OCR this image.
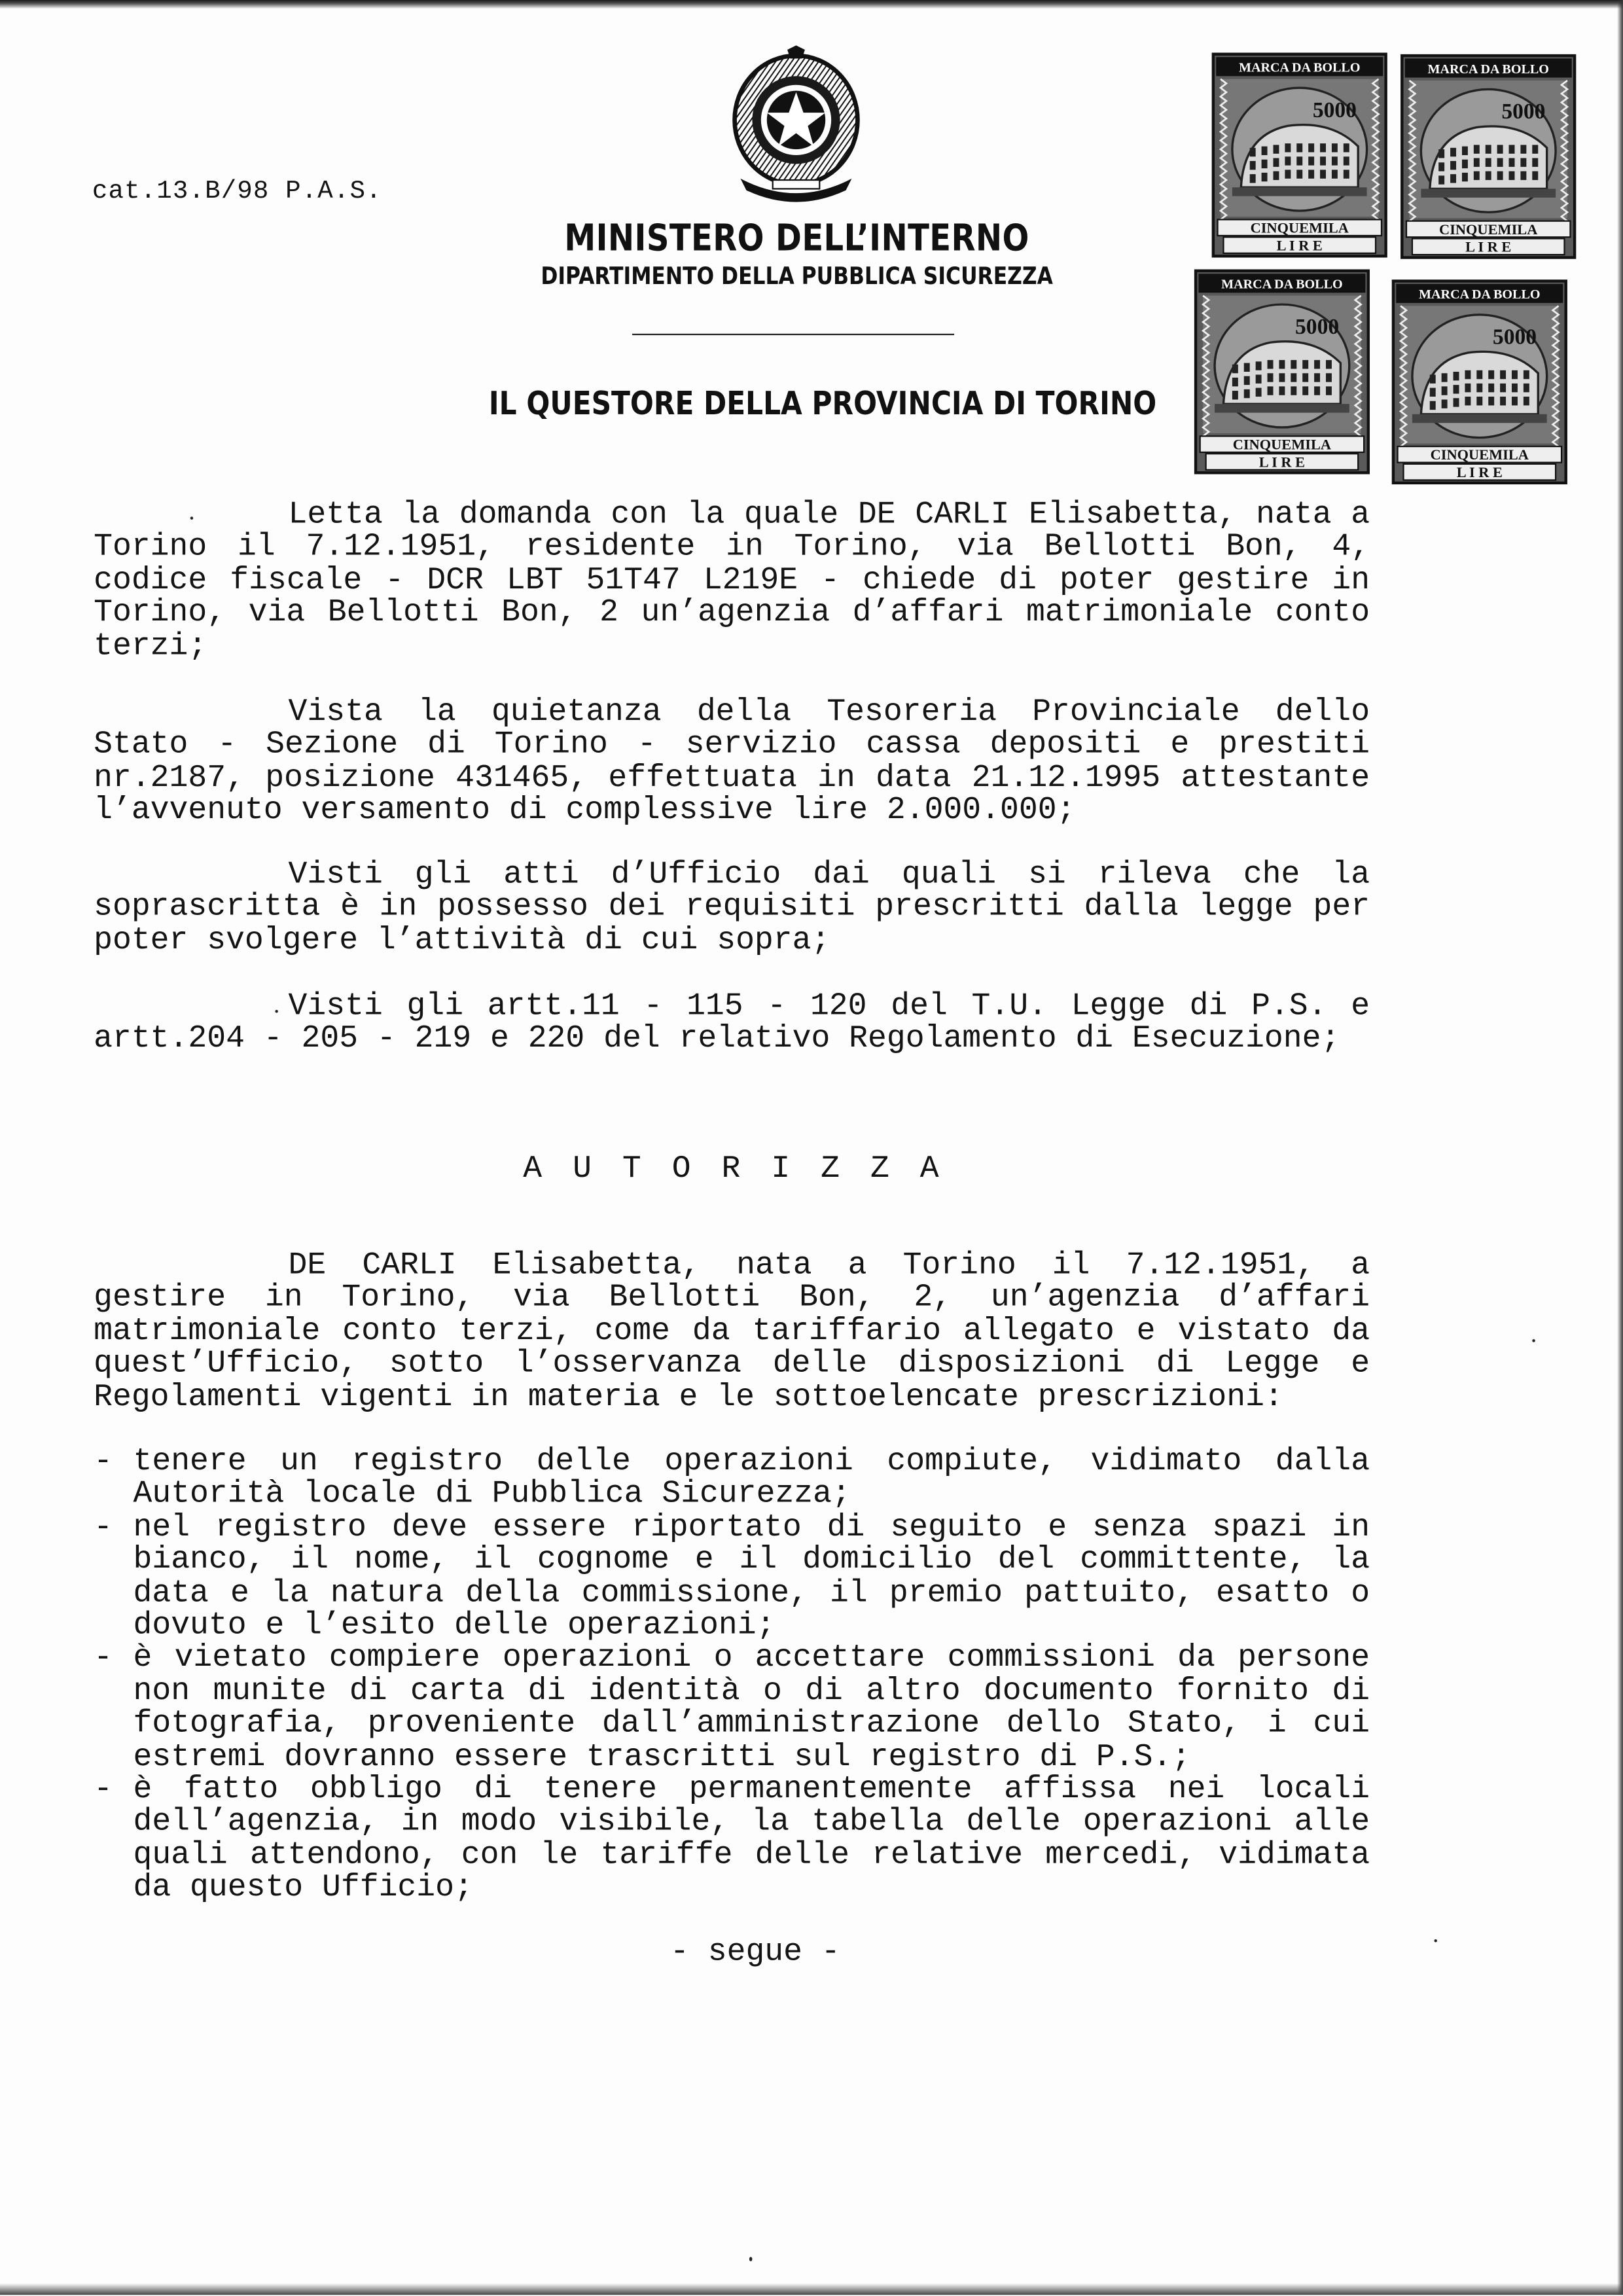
cat.13.B/98 P.A.S.
MINISTERO DELL’INTERNO
DIPARTIMENTO DELLA PUBBLICA SICUREZZA
IL QUESTORE DELLA PROVINCIA DI TORINO
MARCA DA BOLLO
5000
CINQUEMILA
L I R E
MARCA DA BOLLO
5000
CINQUEMILA
L I R E
MARCA DA BOLLO
5000
CINQUEMILA
L I R E
MARCA DA BOLLO
5000
CINQUEMILA
L I R E

Letta la domanda con la quale DE CARLI Elisabetta, nata a Torino il 7.12.1951, residente in Torino, via Bellotti Bon, 4, codice fiscale - DCR LBT 51T47 L219E - chiede di poter gestire in Torino, via Bellotti Bon, 2 un’agenzia d’affari matrimoniale conto terzi;

Vista la quietanza della Tesoreria Provinciale dello Stato - Sezione di Torino - servizio cassa depositi e prestiti nr.2187, posizione 431465, effettuata in data 21.12.1995 attestante l’avvenuto versamento di complessive lire 2.000.000;

Visti gli atti d’Ufficio dai quali si rileva che la soprascritta è in possesso dei requisiti prescritti dalla legge per poter svolgere l’attività di cui sopra;

Visti gli artt.11 - 115 - 120 del T.U. Legge di P.S. e artt.204 - 205 - 219 e 220 del relativo Regolamento di Esecuzione;

AUTORIZZA

DE CARLI Elisabetta, nata a Torino il 7.12.1951, a gestire in Torino, via Bellotti Bon, 2, un’agenzia d’affari matrimoniale conto terzi, come da tariffario allegato e vistato da quest’Ufficio, sotto l’osservanza delle disposizioni di Legge e Regolamenti vigenti in materia e le sottoelencate prescrizioni:

- tenere un registro delle operazioni compiute, vidimato dalla Autorità locale di Pubblica Sicurezza;
- nel registro deve essere riportato di seguito e senza spazi in bianco, il nome, il cognome e il domicilio del committente, la data e la natura della commissione, il premio pattuito, esatto o dovuto e l’esito delle operazioni;
- è vietato compiere operazioni o accettare commissioni da persone non munite di carta di identità o di altro documento fornito di fotografia, proveniente dall’amministrazione dello Stato, i cui estremi dovranno essere trascritti sul registro di P.S.;
- è fatto obbligo di tenere permanentemente affissa nei locali dell’agenzia, in modo visibile, la tabella delle operazioni alle quali attendono, con le tariffe delle relative mercedi, vidimata da questo Ufficio;
- segue -
